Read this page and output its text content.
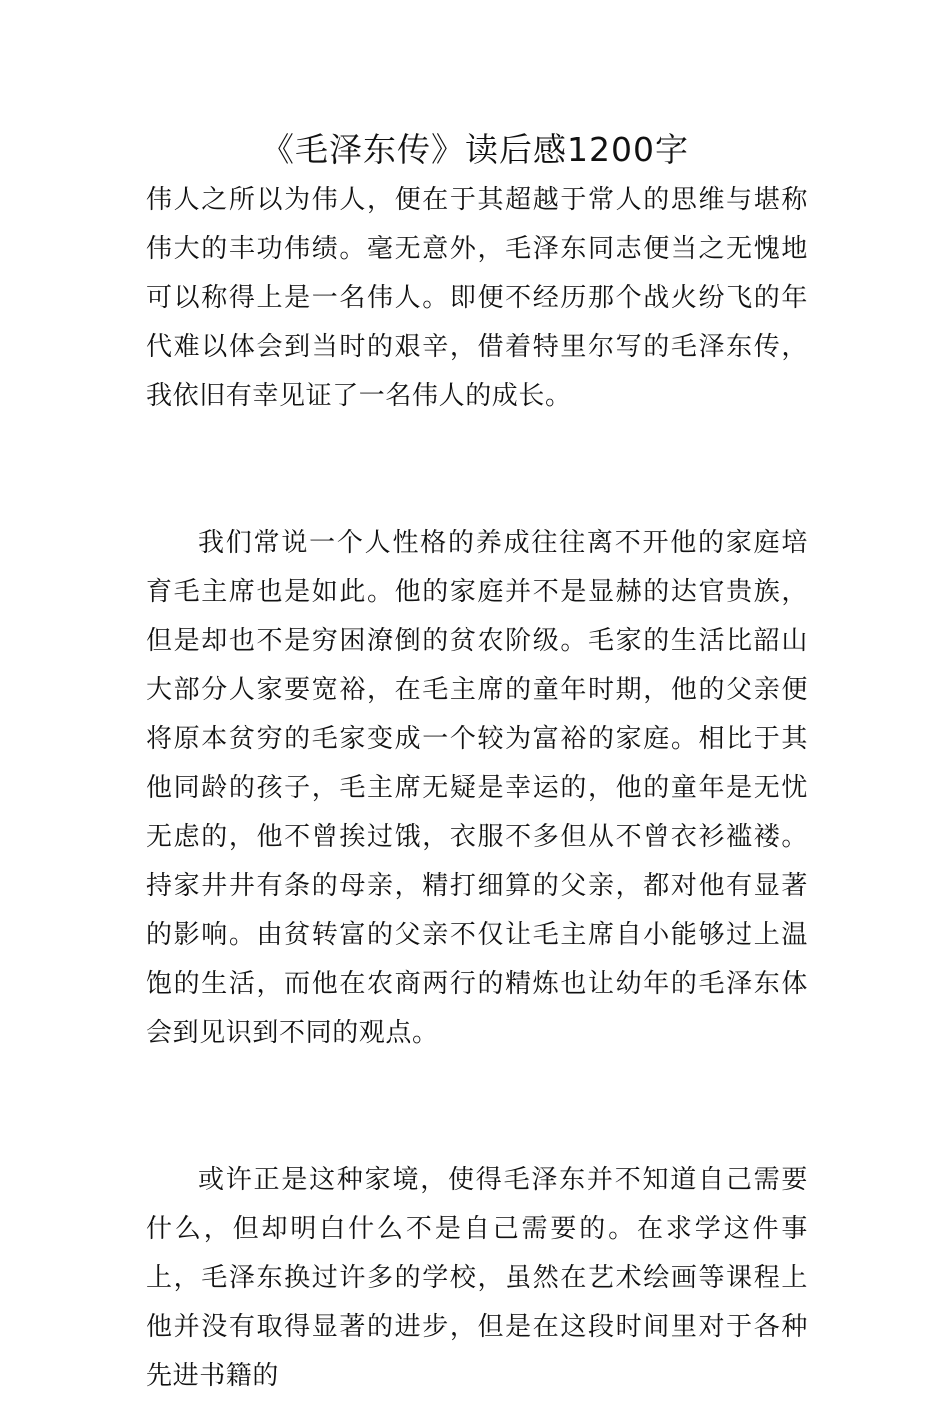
《毛泽东传》读后感1200字

伟人之所以为伟人，便在于其超越于常人的思维与堪称伟大的丰功伟绩。毫无意外，毛泽东同志便当之无愧地可以称得上是一名伟人。即便不经历那个战火纷飞的年代难以体会到当时的艰辛，借着特里尔写的毛泽东传，我依旧有幸见证了一名伟人的成长。

我们常说一个人性格的养成往往离不开他的家庭培育毛主席也是如此。他的家庭并不是显赫的达官贵族，但是却也不是穷困潦倒的贫农阶级。毛家的生活比韶山大部分人家要宽裕，在毛主席的童年时期，他的父亲便将原本贫穷的毛家变成一个较为富裕的家庭。相比于其他同龄的孩子，毛主席无疑是幸运的，他的童年是无忧无虑的，他不曾挨过饿，衣服不多但从不曾衣衫褴褛。持家井井有条的母亲，精打细算的父亲，都对他有显著的影响。由贫转富的父亲不仅让毛主席自小能够过上温饱的生活，而他在农商两行的精炼也让幼年的毛泽东体会到见识到不同的观点。

或许正是这种家境，使得毛泽东并不知道自己需要什么，但却明白什么不是自己需要的。在求学这件事上，毛泽东换过许多的学校，虽然在艺术绘画等课程上他并没有取得显著的进步，但是在这段时间里对于各种先进书籍的
